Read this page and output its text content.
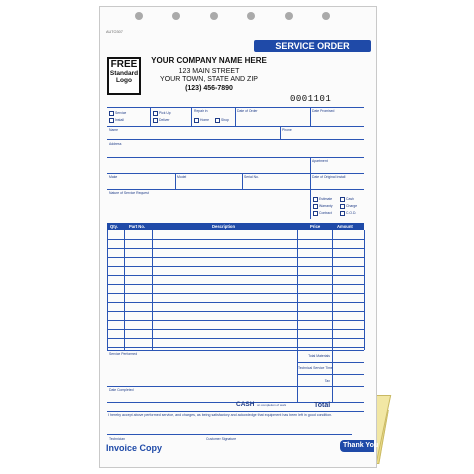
AUTO307
SERVICE ORDER
FREE
Standard
Logo
YOUR COMPANY NAME HERE
123 MAIN STREET
YOUR TOWN, STATE AND ZIP
(123) 456-7890
0001101
Service
Install
Pick Up
Deliver
Repair in
Home	Shop
Date of Order	Date Promised
Name	Phone
Address
Apartment
Make	Model	Serial No.	Date of Original Install
Nature of Service Request
Estimate
Warranty
Contract
Cash
Charge
C.O.D.
Qty.	Part No.	Description	Price	Amount
Service Performed	Total Materials
Technical Service Time
Tax
Date Completed
CASH on completion of work	Total
I hereby accept above performed service, and charges, as being satisfactory and ackowledge that equipment has been left in good condition.
Technician	Customer Signature
Invoice Copy	Thank You
